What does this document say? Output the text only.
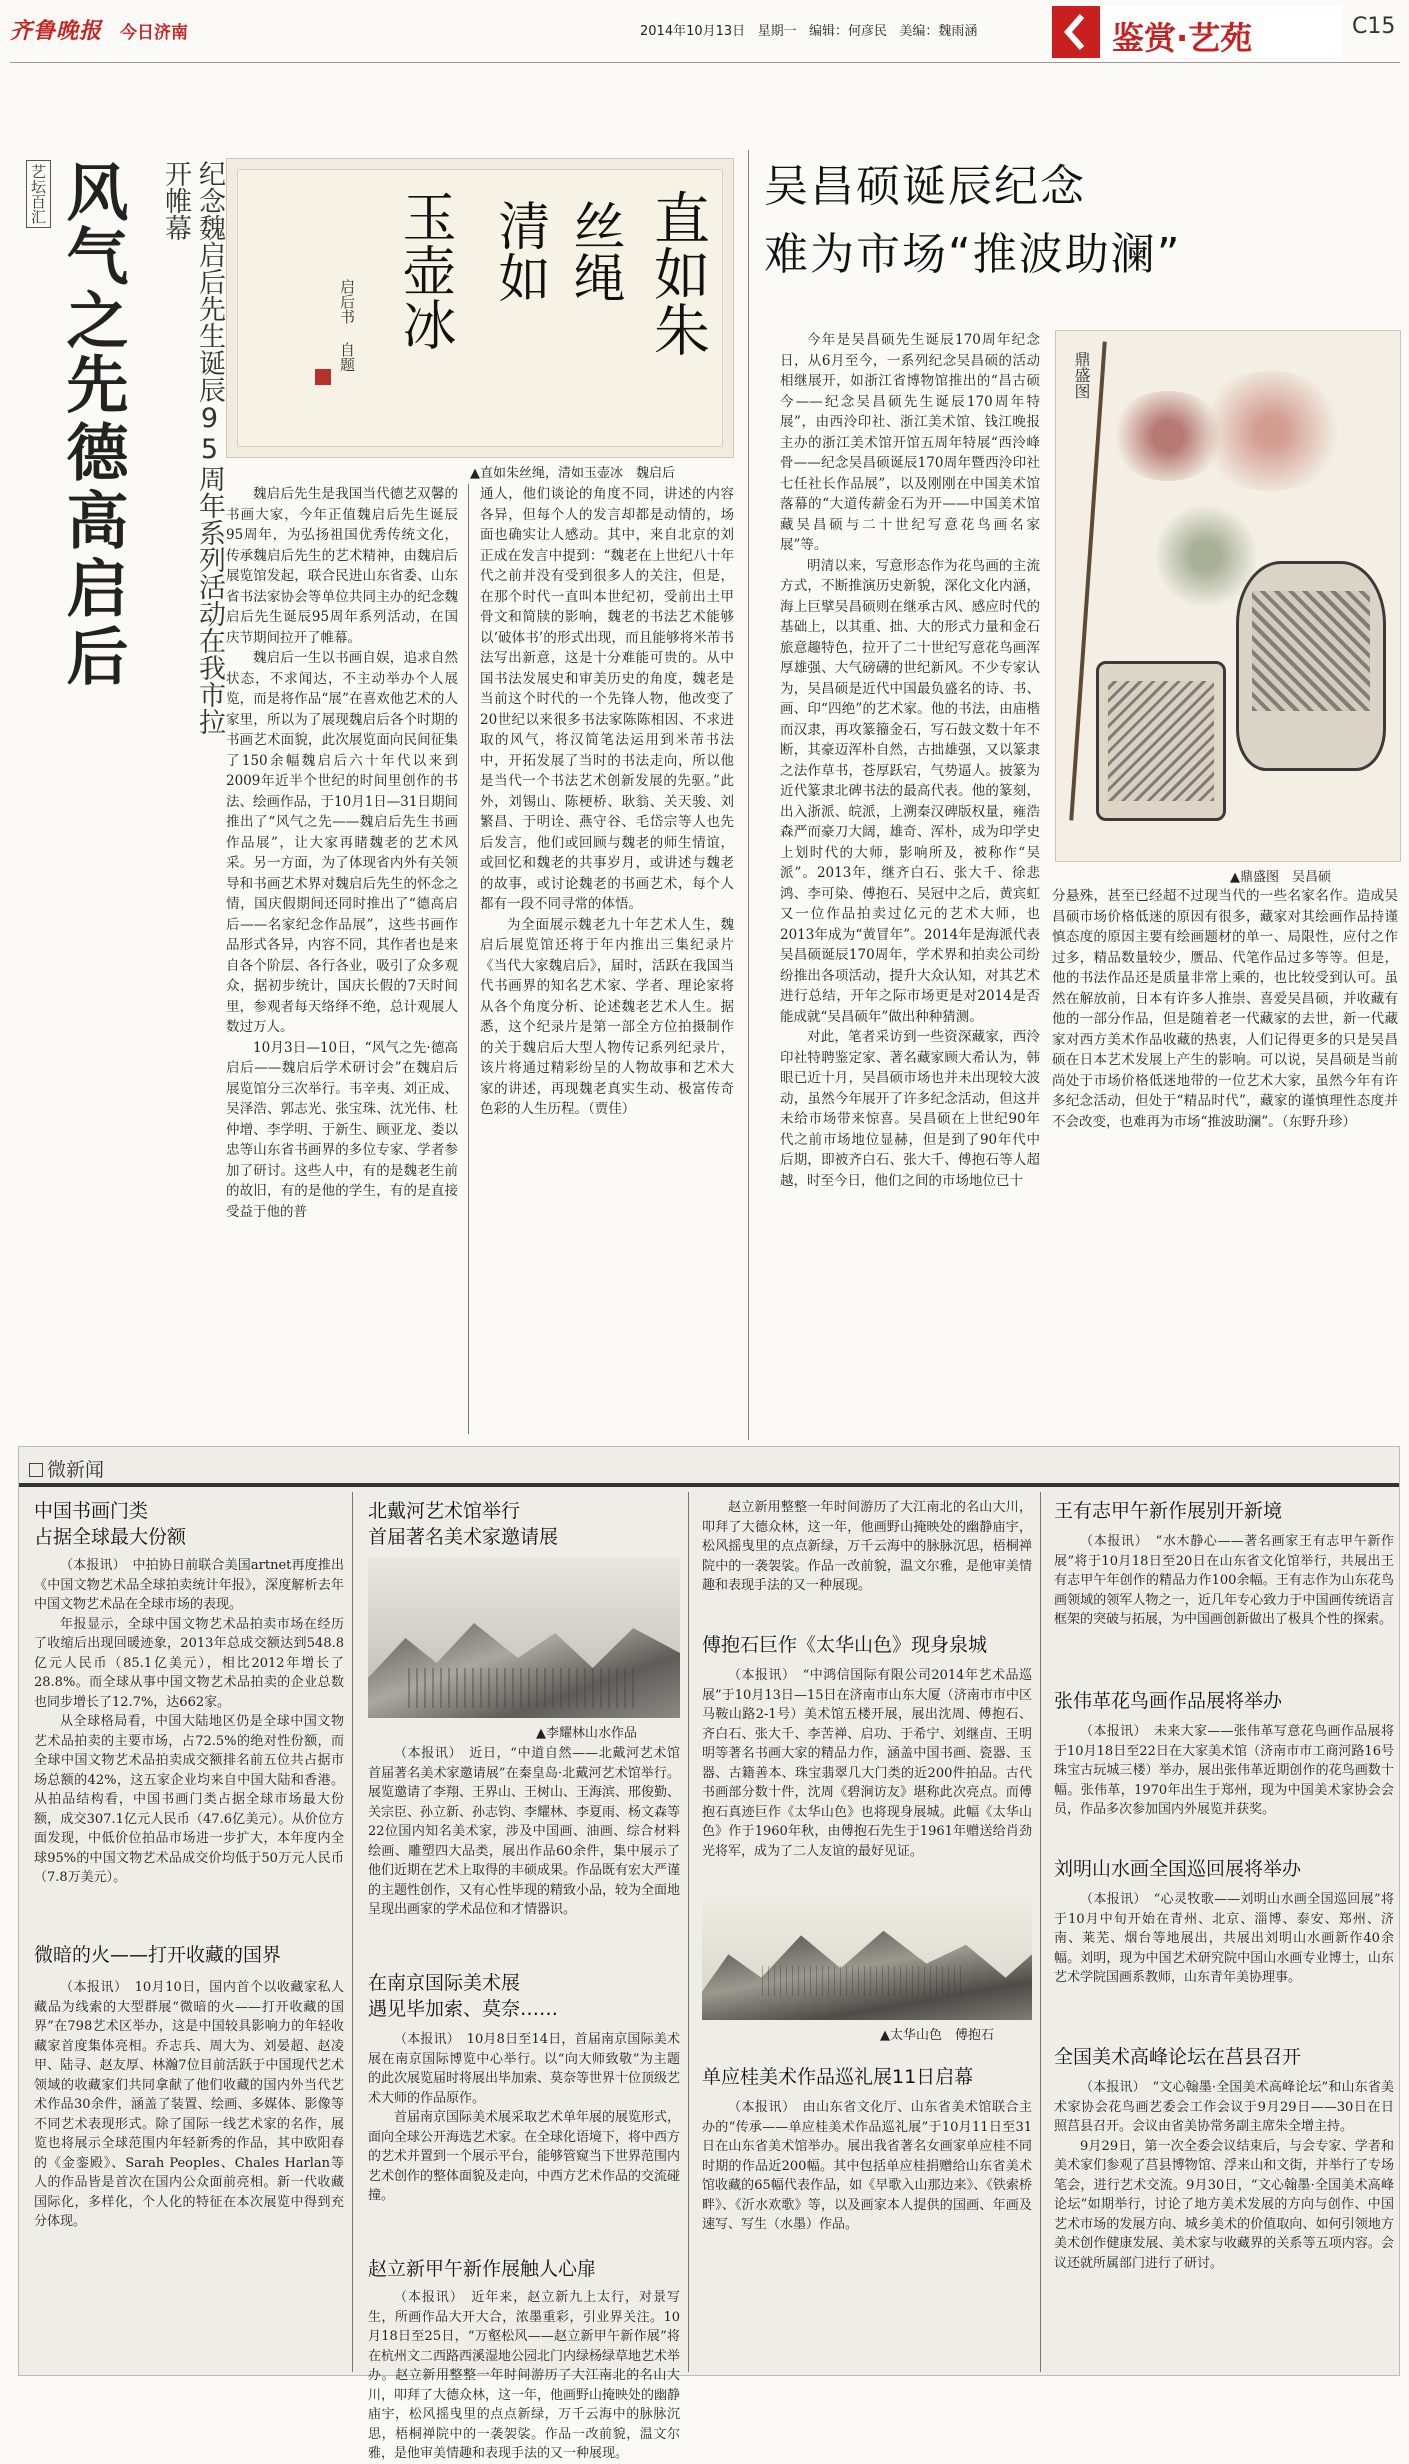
齐鲁晚报 今日济南	2014年10月13日 星期一 编辑：何彦民 美编：魏雨涵	鉴赏·艺苑	C15
艺坛百汇 风气之先
德高启后	纪念魏启后先生诞辰95周年系列活动在我市拉开帷幕	直如朱
丝绳
清如
玉壶冰
启后书 自题
▲直如朱丝绳，清如玉壶冰　魏启后

魏启后先生是我国当代德艺双馨的书画大家，今年正值魏启后先生诞辰95周年，为弘扬祖国优秀传统文化，传承魏启后先生的艺术精神，由魏启后展览馆发起，联合民进山东省委、山东省书法家协会等单位共同主办的纪念魏启后先生诞辰95周年系列活动，在国庆节期间拉开了帷幕。

魏启后一生以书画自娱，追求自然状态，不求闻达，不主动举办个人展览，而是将作品“展”在喜欢他艺术的人家里，所以为了展现魏启后各个时期的书画艺术面貌，此次展览面向民间征集了150余幅魏启后六十年代以来到2009年近半个世纪的时间里创作的书法、绘画作品，于10月1日—31日期间推出了“风气之先——魏启后先生书画作品展”，让大家再睹魏老的艺术风采。另一方面，为了体现省内外有关领导和书画艺术界对魏启后先生的怀念之情，国庆假期间还同时推出了“德高启后——名家纪念作品展”，这些书画作品形式各异，内容不同，其作者也是来自各个阶层、各行各业，吸引了众多观众，据初步统计，国庆长假的7天时间里，参观者每天络绎不绝，总计观展人数过万人。

10月3日—10日，“风气之先·德高启后——魏启后学术研讨会”在魏启后展览馆分三次举行。韦辛夷、刘正成、吴泽浩、郭志光、张宝珠、沈光伟、杜仲增、李学明、于新生、顾亚龙、娄以忠等山东省书画界的多位专家、学者参加了研讨。这些人中，有的是魏老生前的故旧，有的是他的学生，有的是直接受益于他的普

通人，他们谈论的角度不同，讲述的内容各异，但每个人的发言却都是动情的，场面也确实让人感动。其中，来自北京的刘正成在发言中提到：“魏老在上世纪八十年代之前并没有受到很多人的关注，但是，在那个时代一直叫本世纪初，受前出土甲骨文和简牍的影响，魏老的书法艺术能够以‘破体书’的形式出现，而且能够将米芾书法写出新意，这是十分难能可贵的。从中国书法发展史和审美历史的角度，魏老是当前这个时代的一个先锋人物，他改变了20世纪以来很多书法家陈陈相因、不求进取的风气，将汉简笔法运用到米芾书法中，开拓发展了当时的书法走向，所以他是当代一个书法艺术创新发展的先驱。”此外，刘锡山、陈梗桥、耿翁、关天骏、刘繁昌、于明诠、燕守谷、毛岱宗等人也先后发言，他们或回顾与魏老的师生情谊，或回忆和魏老的共事岁月，或讲述与魏老的故事，或讨论魏老的书画艺术，每个人都有一段不同寻常的体悟。

为全面展示魏老九十年艺术人生，魏启后展览馆还将于年内推出三集纪录片《当代大家魏启后》，届时，活跃在我国当代书画界的知名艺术家、学者、理论家将从各个角度分析、论述魏老艺术人生。据悉，这个纪录片是第一部全方位拍摄制作的关于魏启后大型人物传记系列纪录片，该片将通过精彩纷呈的人物故事和艺术大家的讲述，再现魏老真实生动、极富传奇色彩的人生历程。（贾佳）

吴昌硕诞辰纪念
难为市场“推波助澜”

今年是吴昌硕先生诞辰170周年纪念日，从6月至今，一系列纪念吴昌硕的活动相继展开，如浙江省博物馆推出的“昌古硕今——纪念吴昌硕先生诞辰170周年特展”，由西泠印社、浙江美术馆、钱江晚报主办的浙江美术馆开馆五周年特展“西泠峰骨——纪念吴昌硕诞辰170周年暨西泠印社七任社长作品展”，以及刚刚在中国美术馆落幕的“大道传薪金石为开——中国美术馆藏吴昌硕与二十世纪写意花鸟画名家展”等。

明清以来，写意形态作为花鸟画的主流方式，不断推演历史新貌，深化文化内涵，海上巨擘吴昌硕则在继承古风、感应时代的基础上，以其重、拙、大的形式力量和金石旅意趣特色，拉开了二十世纪写意花鸟画浑厚雄强、大气磅礴的世纪新风。不少专家认为，吴昌硕是近代中国最负盛名的诗、书、画、印“四绝”的艺术家。他的书法，由庙楷而汉隶，再攻篆籀金石，写石鼓文数十年不断，其豪迈浑朴自然，古拙雄强，又以篆隶之法作草书，苍厚跃宕，气势逼人。披篆为近代篆隶北碑书法的最高代表。他的篆刻，出入浙派、皖派，上溯秦汉碑版权量，雍浩森严而豪刀大阔，雄奇、浑朴，成为印学史上划时代的大师，影响所及，被称作“吴派”。2013年，继齐白石、张大千、徐悲鸿、李可染、傅抱石、吴冠中之后，黄宾虹又一位作品拍卖过亿元的艺术大师，也2013年成为“黄冒年”。2014年是海派代表吴昌硕诞辰170周年，学术界和拍卖公司纷纷推出各项活动，提升大众认知，对其艺术进行总结，开年之际市场更是对2014是否能成就“吴昌硕年”做出种种猜测。

对此，笔者采访到一些资深藏家，西泠印社特聘鉴定家、著名藏家顾大希认为，韩眼已近十月，吴昌硕市场也并未出现较大波动，虽然今年展开了许多纪念活动，但这并未给市场带来惊喜。吴昌硕在上世纪90年代之前市场地位显赫，但是到了90年代中后期，即被齐白石、张大千、傅抱石等人超越，时至今日，他们之间的市场地位已十

鼎盛图
▲鼎盛图　吴昌硕

分悬殊，甚至已经超不过现当代的一些名家名作。造成吴昌硕市场价格低迷的原因有很多，藏家对其绘画作品持谨慎态度的原因主要有绘画题材的单一、局限性，应付之作过多，精品数量较少，赝品、代笔作品过多等等。但是，他的书法作品还是质量非常上乘的，也比较受到认可。虽然在解放前，日本有许多人推崇、喜爱吴昌硕，并收藏有他的一部分作品，但是随着老一代藏家的去世，新一代藏家对西方美术作品收藏的热衷，人们记得更多的只是吴昌硕在日本艺术发展上产生的影响。可以说，吴昌硕是当前尚处于市场价格低迷地带的一位艺术大家，虽然今年有许多纪念活动，但处于“精品时代”，藏家的谨慎理性态度并不会改变，也难再为市场“推波助澜”。（东野升珍）

微新闻
中国书画门类
占据全球最大份额

（本报讯）　中拍协日前联合美国artnet再度推出《中国文物艺术品全球拍卖统计年报》，深度解析去年中国文物艺术品在全球市场的表现。

年报显示，全球中国文物艺术品拍卖市场在经历了收缩后出现回暖迹象，2013年总成交额达到548.8亿元人民币（85.1亿美元），相比2012年增长了28.8%。而全球从事中国文物艺术品拍卖的企业总数也同步增长了12.7%，达662家。

从全球格局看，中国大陆地区仍是全球中国文物艺术品拍卖的主要市场，占72.5%的绝对性份额，而全球中国文物艺术品拍卖成交额排名前五位共占据市场总额的42%，这五家企业均来自中国大陆和香港。从拍品结构看，中国书画门类占据全球市场最大份额，成交307.1亿元人民币（47.6亿美元）。从价位方面发现，中低价位拍品市场进一步扩大，本年度内全球95%的中国文物艺术品成交价均低于50万元人民币（7.8万美元）。

微暗的火——打开收藏的国界

（本报讯）　10月10日，国内首个以收藏家私人藏品为线索的大型群展“微暗的火——打开收藏的国界”在798艺术区举办，这是中国较具影响力的年轻收藏家首度集体亮相。乔志兵、周大为、刘晏超、赵凌甲、陆寻、赵友厚、林瀚7位目前活跃于中国现代艺术领域的收藏家们共同拿献了他们收藏的国内外当代艺术作品30余件，涵盖了装置、绘画、多媒体、影像等不同艺术表现形式。除了国际一线艺术家的名作，展览也将展示全球范围内年轻新秀的作品，其中欧阳春的《金銮殿》、Sarah Peoples、Chales Harlan等人的作品皆是首次在国内公众面前亮相。新一代收藏国际化，多样化，个人化的特征在本次展览中得到充分体现。

北戴河艺术馆举行
首届著名美术家邀请展
▲李耀林山水作品

（本报讯）　近日，“中道自然——北戴河艺术馆首届著名美术家邀请展”在秦皇岛·北戴河艺术馆举行。展览邀请了李翔、王界山、王树山、王海滨、邢俊勤、关宗臣、孙立新、孙志钧、李耀林、李夏雨、杨文森等22位国内知名美术家，涉及中国画、油画、综合材料绘画、雕塑四大品类，展出作品60余件，集中展示了他们近期在艺术上取得的丰硕成果。作品既有宏大严谨的主题性创作，又有心性毕现的精致小品，较为全面地呈现出画家的学术品位和才情器识。

在南京国际美术展
遇见毕加索、莫奈……

（本报讯）　10月8日至14日，首届南京国际美术展在南京国际博览中心举行。以“向大师致敬”为主题的此次展览届时将展出毕加索、莫奈等世界十位顶级艺术大师的作品原作。

首届南京国际美术展采取艺术单年展的展览形式，面向全球公开海选艺术家。在全球化语境下，将中西方的艺术并置到一个展示平台，能够管窥当下世界范围内艺术创作的整体面貌及走向，中西方艺术作品的交流碰撞。

赵立新甲午新作展触人心扉

（本报讯）　近年来，赵立新九上太行，对景写生，所画作品大开大合，浓墨重彩，引业界关注。10月18日至25日，“万壑松风——赵立新甲午新作展”将在杭州文二西路西溪湿地公园北门内绿杨绿草地艺术举办。赵立新用整整一年时间游历了大江南北的名山大川，叩拜了大德众林，这一年，他画野山掩映处的幽静庙宇，松风摇曳里的点点新绿，万千云海中的脉脉沉思，梧桐禅院中的一袭袈裟。作品一改前貌，温文尔雅，是他审美情趣和表现手法的又一种展现。

赵立新用整整一年时间游历了大江南北的名山大川，叩拜了大德众林，这一年，他画野山掩映处的幽静庙宇，松风摇曳里的点点新绿，万千云海中的脉脉沉思，梧桐禅院中的一袭袈裟。作品一改前貌，温文尔雅，是他审美情趣和表现手法的又一种展现。

傅抱石巨作《太华山色》现身泉城

（本报讯）　“中鸿信国际有限公司2014年艺术品巡展”于10月13日—15日在济南市山东大厦（济南市市中区马鞍山路2-1号）美术馆五楼开展，展出沈周、傅抱石、齐白石、张大千、李苦禅、启功、于希宁、刘继卣、王明明等著名书画大家的精品力作，涵盖中国书画、瓷器、玉器、古籍善本、珠宝翡翠几大门类的近200件拍品。古代书画部分数十件，沈周《碧涧访友》堪称此次亮点。而傅抱石真迹巨作《太华山色》也将现身展城。此幅《太华山色》作于1960年秋，由傅抱石先生于1961年赠送给肖劲光将军，成为了二人友谊的最好见证。

▲太华山色　傅抱石
单应桂美术作品巡礼展11日启幕

（本报讯）　由山东省文化厅、山东省美术馆联合主办的“传承——单应桂美术作品巡礼展”于10月11日至31日在山东省美术馆举办。展出我省著名女画家单应桂不同时期的作品近200幅。其中包括单应桂捐赠给山东省美术馆收藏的65幅代表作品，如《早歌入山那边来》、《铁索桥畔》、《沂水欢歌》等，以及画家本人提供的国画、年画及速写、写生（水墨）作品。

王有志甲午新作展别开新境

（本报讯）　“水木静心——著名画家王有志甲午新作展”将于10月18日至20日在山东省文化馆举行，共展出王有志甲午年创作的精品力作100余幅。王有志作为山东花鸟画领域的领军人物之一，近几年专心致力于中国画传统语言框架的突破与拓展，为中国画创新做出了极具个性的探索。

张伟革花鸟画作品展将举办

（本报讯）　未来大家——张伟革写意花鸟画作品展将于10月18日至22日在大家美术馆（济南市市工商河路16号珠宝古玩城三楼）举办，展出张伟革近期创作的花鸟画数十幅。张伟革，1970年出生于郑州，现为中国美术家协会会员，作品多次参加国内外展览并获奖。

刘明山水画全国巡回展将举办

（本报讯）　“心灵牧歌——刘明山水画全国巡回展”将于10月中旬开始在青州、北京、淄博、泰安、郑州、济南、莱芜、烟台等地展出，共展出刘明山水画新作40余幅。刘明，现为中国艺术研究院中国山水画专业博士，山东艺术学院国画系教师，山东青年美协理事。

全国美术高峰论坛在莒县召开

（本报讯）　“文心翰墨·全国美术高峰论坛”和山东省美术家协会花鸟画艺委会工作会议于9月29日——30日在日照莒县召开。会议由省美协常务副主席朱全增主持。

9月29日，第一次全委会议结束后，与会专家、学者和美术家们参观了莒县博物馆、浮来山和文街，并举行了专场笔会，进行艺术交流。9月30日，“文心翰墨·全国美术高峰论坛”如期举行，讨论了地方美术发展的方向与创作、中国艺术市场的发展方向、城乡美术的价值取向、如何引领地方美术创作健康发展、美术家与收藏界的关系等五项内容。会议还就所属部门进行了研讨。
